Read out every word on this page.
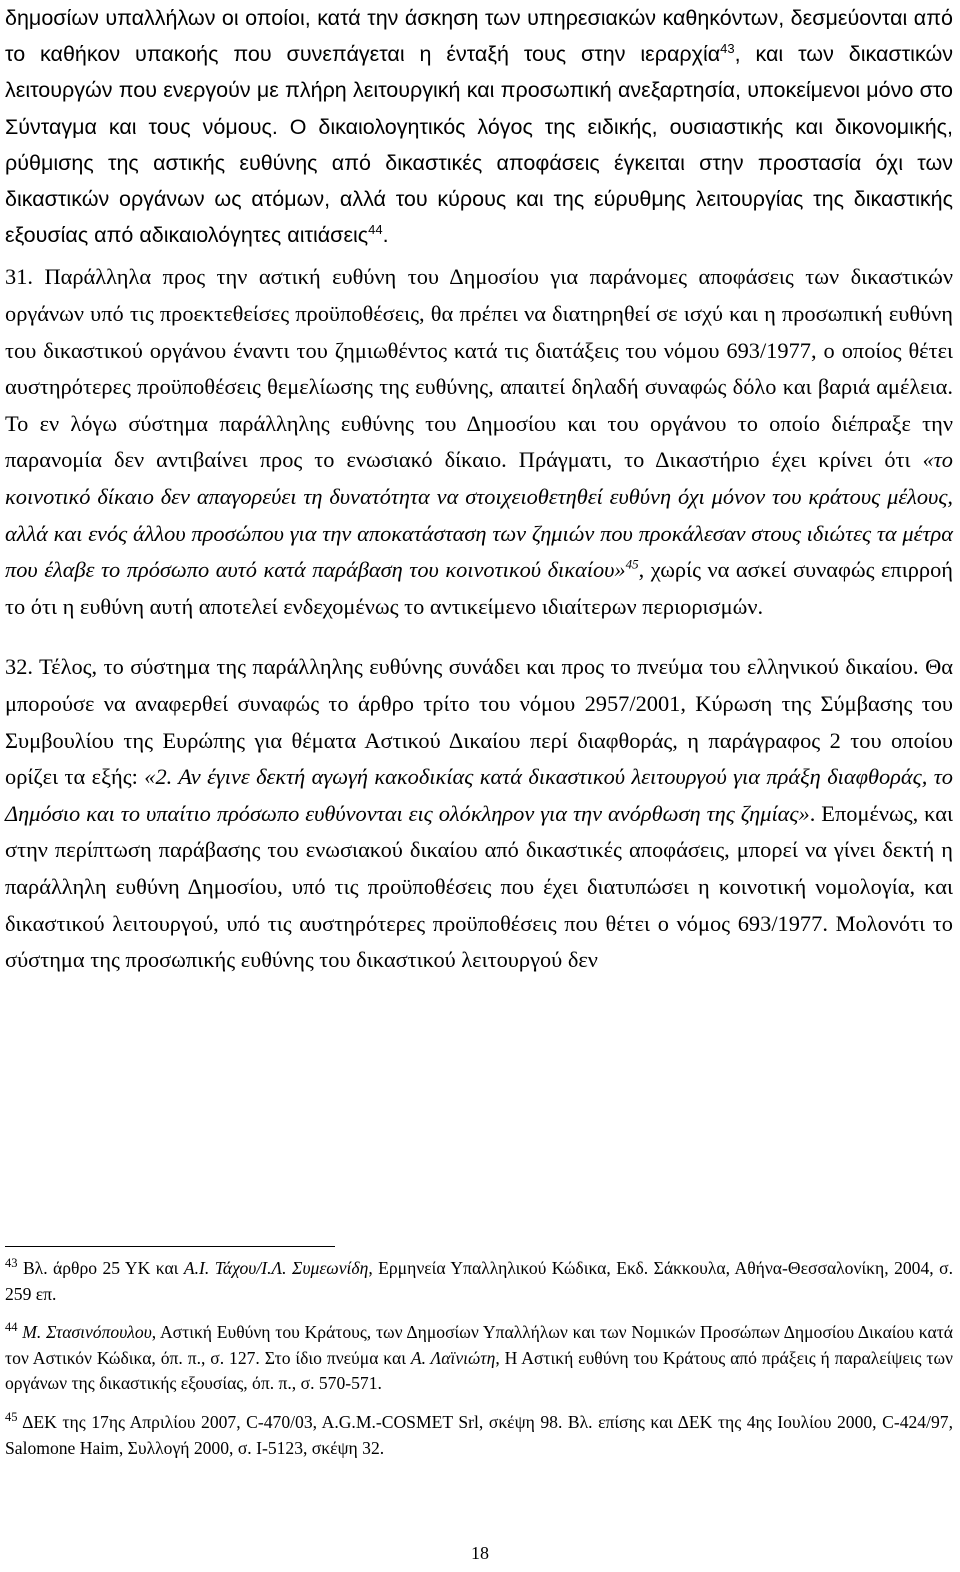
δημοσίων υπαλλήλων οι οποίοι, κατά την άσκηση των υπηρεσιακών καθηκόντων, δεσμεύονται από το καθήκον υπακοής που συνεπάγεται η ένταξή τους στην ιεραρχία$^{43}$, και των δικαστικών λειτουργών που ενεργούν με πλήρη λειτουργική και προσωπική ανεξαρτησία, υποκείμενοι μόνο στο Σύνταγμα και τους νόμους. Ο δικαιολογητικός λόγος της ειδικής, ουσιαστικής και δικονομικής, ρύθμισης της αστικής ευθύνης από δικαστικές αποφάσεις έγκειται στην προστασία όχι των δικαστικών οργάνων ως ατόμων, αλλά του κύρους και της εύρυθμης λειτουργίας της δικαστικής εξουσίας από αδικαιολόγητες αιτιάσεις$^{44}$.

31. Παράλληλα προς την αστική ευθύνη του Δημοσίου για παράνομες αποφάσεις των δικαστικών οργάνων υπό τις προεκτεθείσες προϋποθέσεις, θα πρέπει να διατηρηθεί σε ισχύ και η προσωπική ευθύνη του δικαστικού οργάνου έναντι του ζημιωθέντος κατά τις διατάξεις του νόμου 693/1977, ο οποίος θέτει αυστηρότερες προϋποθέσεις θεμελίωσης της ευθύνης, απαιτεί δηλαδή συναφώς δόλο και βαριά αμέλεια. Το εν λόγω σύστημα παράλληλης ευθύνης του Δημοσίου και του οργάνου το οποίο διέπραξε την παρανομία δεν αντιβαίνει προς το ενωσιακό δίκαιο. Πράγματι, το Δικαστήριο έχει κρίνει ότι «το κοινοτικό δίκαιο δεν απαγορεύει τη δυνατότητα να στοιχειοθετηθεί ευθύνη όχι μόνον του κράτους μέλους, αλλά και ενός άλλου προσώπου για την αποκατάσταση των ζημιών που προκάλεσαν στους ιδιώτες τα μέτρα που έλαβε το πρόσωπο αυτό κατά παράβαση του κοινοτικού δικαίου»$^{45}$, χωρίς να ασκεί συναφώς επιρροή το ότι η ευθύνη αυτή αποτελεί ενδεχομένως το αντικείμενο ιδιαίτερων περιορισμών.

32. Τέλος, το σύστημα της παράλληλης ευθύνης συνάδει και προς το πνεύμα του ελληνικού δικαίου. Θα μπορούσε να αναφερθεί συναφώς το άρθρο τρίτο του νόμου 2957/2001, Κύρωση της Σύμβασης του Συμβουλίου της Ευρώπης για θέματα Αστικού Δικαίου περί διαφθοράς, η παράγραφος 2 του οποίου ορίζει τα εξής: «2. Αν έγινε δεκτή αγωγή κακοδικίας κατά δικαστικού λειτουργού για πράξη διαφθοράς, το Δημόσιο και το υπαίτιο πρόσωπο ευθύνονται εις ολόκληρον για την ανόρθωση της ζημίας». Επομένως, και στην περίπτωση παράβασης του ενωσιακού δικαίου από δικαστικές αποφάσεις, μπορεί να γίνει δεκτή η παράλληλη ευθύνη Δημοσίου, υπό τις προϋποθέσεις που έχει διατυπώσει η κοινοτική νομολογία, και δικαστικού λειτουργού, υπό τις αυστηρότερες προϋποθέσεις που θέτει ο νόμος 693/1977. Μολονότι το σύστημα της προσωπικής ευθύνης του δικαστικού λειτουργού δεν

$^{43}$ Βλ. άρθρο 25 ΥΚ και Α.Ι. Τάχου/Ι.Λ. Συμεωνίδη, Ερμηνεία Υπαλληλικού Κώδικα, Εκδ. Σάκκουλα, Αθήνα-Θεσσαλονίκη, 2004, σ. 259 επ.

$^{44}$ Μ. Στασινόπουλου, Αστική Ευθύνη του Κράτους, των Δημοσίων Υπαλλήλων και των Νομικών Προσώπων Δημοσίου Δικαίου κατά τον Αστικόν Κώδικα, όπ. π., σ. 127. Στο ίδιο πνεύμα και Α. Λαϊνιώτη, Η Αστική ευθύνη του Κράτους από πράξεις ή παραλείψεις των οργάνων της δικαστικής εξουσίας, όπ. π., σ. 570-571.

$^{45}$ ΔΕΚ της 17ης Απριλίου 2007, C-470/03, A.G.M.-COSMET Srl, σκέψη 98. Βλ. επίσης και ΔΕΚ της 4ης Ιουλίου 2000, C-424/97, Salomone Haim, Συλλογή 2000, σ. I-5123, σκέψη 32.

18
